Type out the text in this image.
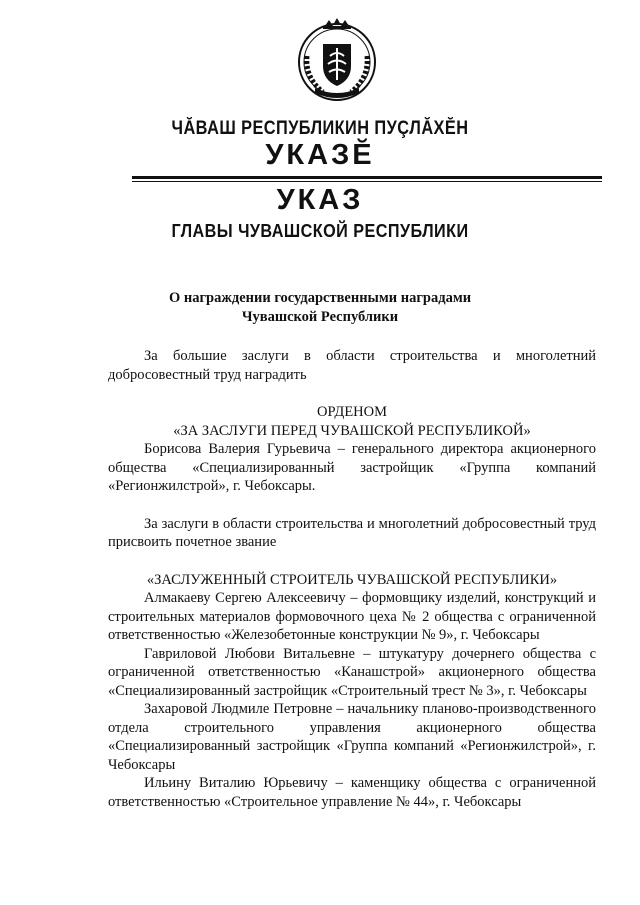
ЧĂВАШ РЕСПУБЛИКИН ПУÇЛĂХĔН
УКАЗĔ
УКАЗ
ГЛАВЫ ЧУВАШСКОЙ РЕСПУБЛИКИ
О награждении государственными наградами
Чувашской Республики

За большие заслуги в области строительства и многолетний добросовестный труд наградить

ОРДЕНОМ

«ЗА ЗАСЛУГИ ПЕРЕД ЧУВАШСКОЙ РЕСПУБЛИКОЙ»

Борисова Валерия Гурьевича – генерального директора акционерного общества «Специализированный застройщик «Группа компаний «Регионжилстрой», г. Чебоксары.

За заслуги в области строительства и многолетний добросовестный труд присвоить почетное звание

«ЗАСЛУЖЕННЫЙ СТРОИТЕЛЬ ЧУВАШСКОЙ РЕСПУБЛИКИ»

Алмакаеву Сергею Алексеевичу – формовщику изделий, конструкций и строительных материалов формовочного цеха № 2 общества с ограниченной ответственностью «Железобетонные конструкции № 9», г. Чебоксары

Гавриловой Любови Витальевне – штукатуру дочернего общества с ограниченной ответственностью «Канашстрой» акционерного общества «Специализированный застройщик «Строительный трест № 3», г. Чебоксары

Захаровой Людмиле Петровне – начальнику планово-производственного отдела строительного управления акционерного общества «Специализированный застройщик «Группа компаний «Регионжилстрой», г. Чебоксары

Ильину Виталию Юрьевичу – каменщику общества с ограниченной ответственностью «Строительное управление № 44», г. Чебоксары
